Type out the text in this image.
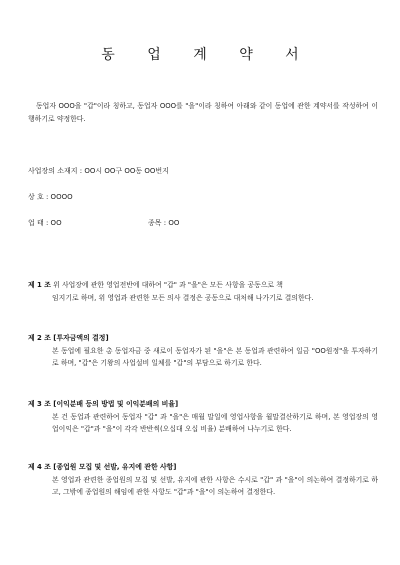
동 업 계 약 서
동업자 OOO을 "갑"이라 칭하고, 동업자 OOO를 "을"이라 칭하여 아래와 같이 동업에 관한 계약서를 작성하여 이행하기로 약정한다.
사업장의 소재지 : OO시 OO구 OO동 OO번지
상 호 : OOOO
업 태 : OO	종목 : OO
제 1 조 위 사업장에 관한 영업전반에 대하여 "갑" 과 "을"은 모든 사항을 공동으로 책
임지기로 하며, 위 영업과 관련한 모든 의사 결정은 공동으로 대처해 나가기로 결의한다.
제 2 조 [투자금액의 결정]
본 동업에 필요한 총 동업자금 중 새로이 동업자가 된 "을"은 본 동업과 관련하여 일금 "OO원정"을 투자하기로 하며, "갑"은 기왕의 사업설비 일체를 "갑"의 부담으로 하기로 한다.
제 3 조 [이익분배 등의 방법 및 이익분배의 비율]
본 건 동업과 관련하여 동업자 "갑" 과 "을"은 매월 말일에 영업사항을 월말결산하기로 하며, 본 영업장의 영업이익은 "갑"과 "을"이 각각 반반씩(오십대 오십 비율) 분배하여 나누기로 한다.
제 4 조 [종업원 모집 및 선발, 유지에 관한 사항]
본 영업과 관련한 종업원의 모집 및 선발, 유지에 관한 사항은 수시로 "갑" 과 "을"이 의논하여 결정하기로 하고, 그밖에 종업원의 해임에 관한 사항도 "갑"과 "을"이 의논하여 결정한다.
